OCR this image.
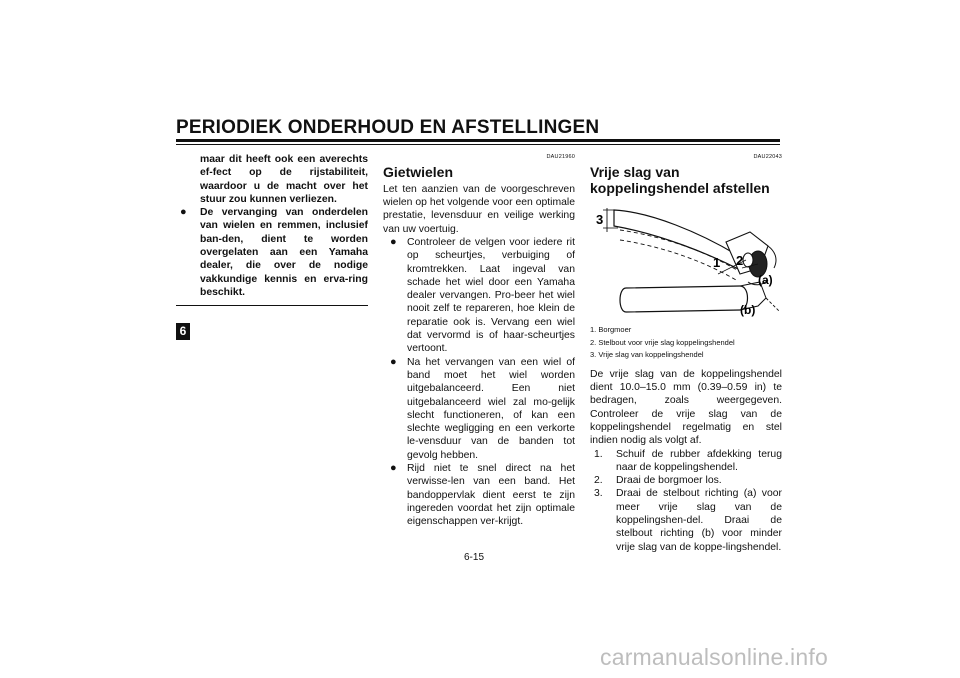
PERIODIEK ONDERHOUD EN AFSTELLINGEN
6
maar dit heeft ook een averechts ef-fect op de rijstabiliteit, waardoor u de macht over het stuur zou kunnen verliezen.
● De vervanging van onderdelen van wielen en remmen, inclusief ban-den, dient te worden overgelaten aan een Yamaha dealer, die over de nodige vakkundige kennis en erva-ring beschikt.
DAU21960
Gietwielen

Let ten aanzien van de voorgeschreven wielen op het volgende voor een optimale prestatie, levensduur en veilige werking van uw voertuig.

● Controleer de velgen voor iedere rit op scheurtjes, verbuiging of kromtrekken. Laat ingeval van schade het wiel door een Yamaha dealer vervangen. Pro-beer het wiel nooit zelf te repareren, hoe klein de reparatie ook is. Vervang een wiel dat vervormd is of haar-scheurtjes vertoont.
● Na het vervangen van een wiel of band moet het wiel worden uitgebalanceerd. Een niet uitgebalanceerd wiel zal mo-gelijk slecht functioneren, of kan een slechte wegligging en een verkorte le-vensduur van de banden tot gevolg hebben.
● Rijd niet te snel direct na het verwisse-len van een band. Het bandoppervlak dient eerst te zijn ingereden voordat het zijn optimale eigenschappen ver-krijgt.
DAU22043
Vrije slag van koppelingshendel afstellen
3
1 2
(a)
(b)
1. Borgmoer
2. Stelbout voor vrije slag koppelingshendel
3. Vrije slag van koppelingshendel

De vrije slag van de koppelingshendel dient 10.0–15.0 mm (0.39–0.59 in) te bedragen, zoals weergegeven. Controleer de vrije slag van de koppelingshendel regelmatig en stel indien nodig als volgt af.

1. Schuif de rubber afdekking terug naar de koppelingshendel.
2. Draai de borgmoer los.
3. Draai de stelbout richting (a) voor meer vrije slag van de koppelingshen-del. Draai de stelbout richting (b) voor minder vrije slag van de koppe-lingshendel.
6-15
carmanualsonline.info
